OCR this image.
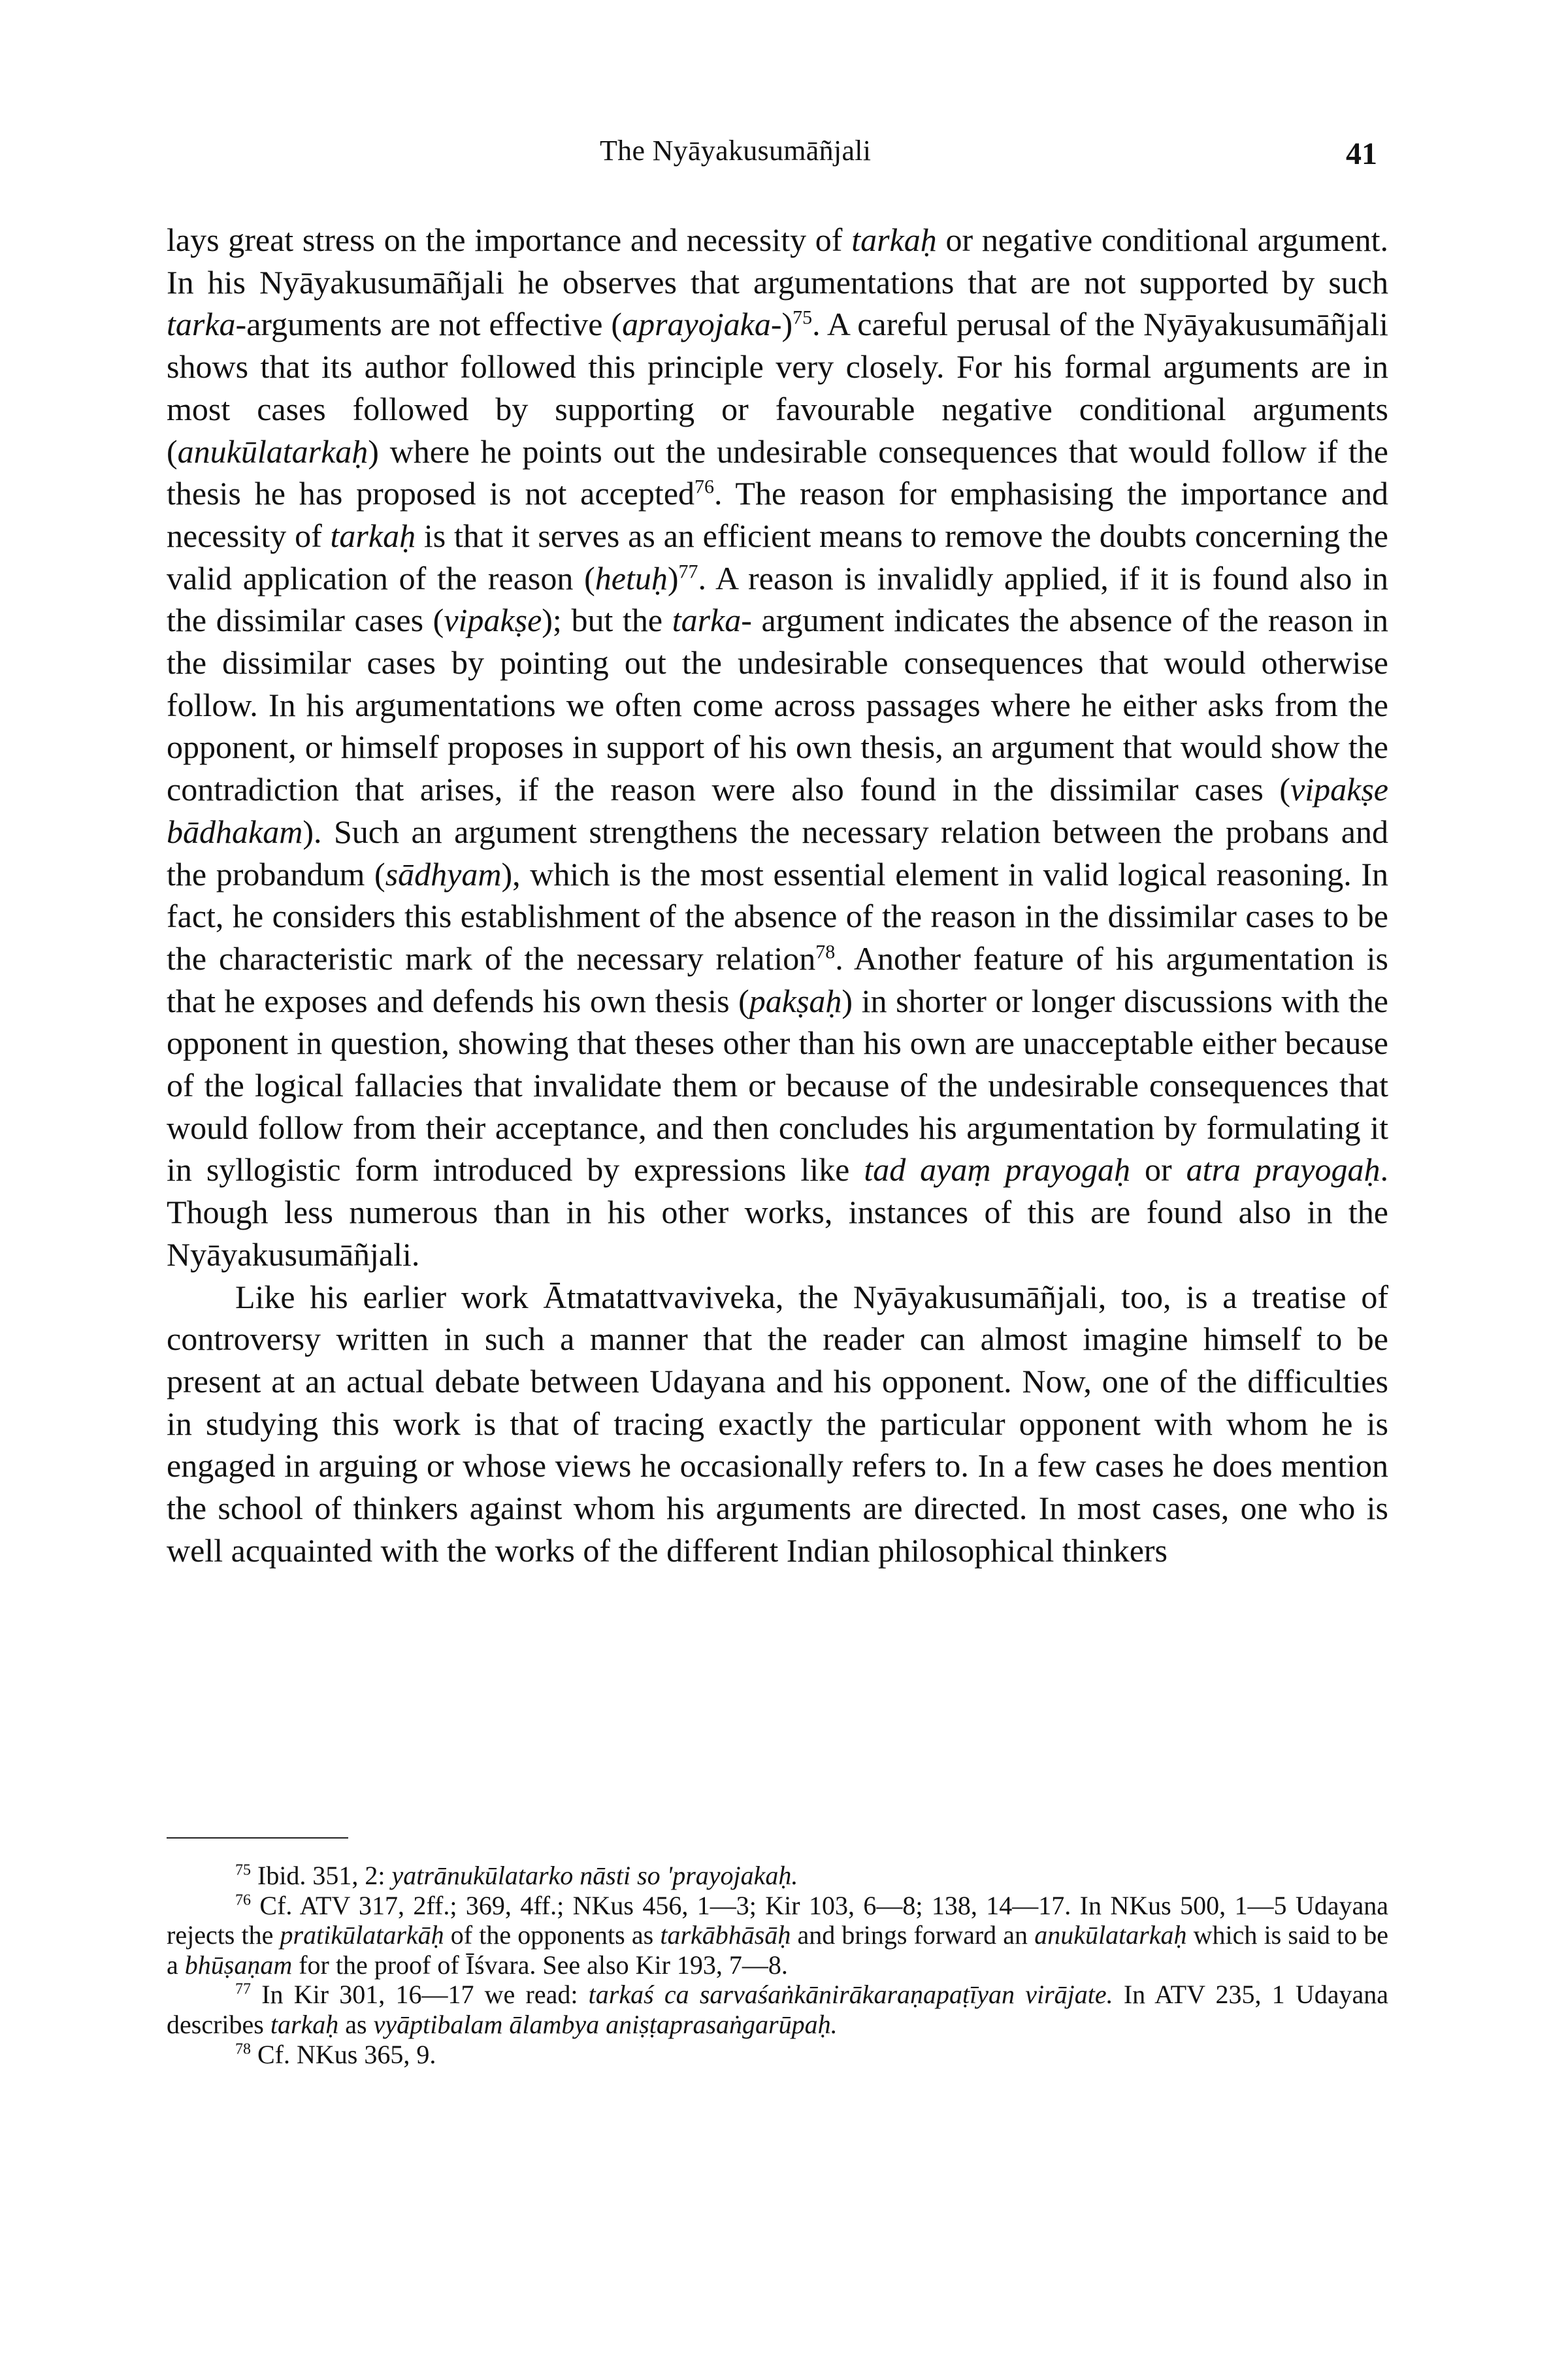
The Nyāyakusumāñjali	41

lays great stress on the importance and necessity of tarkaḥ or negative conditional argument. In his Nyāyakusumāñjali he observes that argumentations that are not supported by such tarka-arguments are not effective (aprayojaka-)$^{75}$. A careful perusal of the Nyāyakusumāñjali shows that its author followed this principle very closely. For his formal arguments are in most cases followed by supporting or favourable negative conditional arguments (anukūlatarkaḥ) where he points out the undesirable consequences that would follow if the thesis he has proposed is not accepted$^{76}$. The reason for emphasising the importance and necessity of tarkaḥ is that it serves as an efficient means to remove the doubts concerning the valid application of the reason (hetuḥ)$^{77}$. A reason is invalidly applied, if it is found also in the dissimilar cases (vipakṣe); but the tarka- argument indicates the absence of the reason in the dissimilar cases by pointing out the undesirable consequences that would otherwise follow. In his argumentations we often come across passages where he either asks from the opponent, or himself proposes in support of his own thesis, an argument that would show the contradiction that arises, if the reason were also found in the dissimilar cases (vipakṣe bādhakam). Such an argument strengthens the necessary relation between the probans and the probandum (sādhyam), which is the most essential element in valid logical reasoning. In fact, he considers this establishment of the absence of the reason in the dissimilar cases to be the characteristic mark of the necessary relation$^{78}$. Another feature of his argumentation is that he exposes and defends his own thesis (pakṣaḥ) in shorter or longer discussions with the opponent in question, showing that theses other than his own are unacceptable either because of the logical fallacies that invalidate them or because of the undesirable consequences that would follow from their acceptance, and then concludes his argumentation by formulating it in syllogistic form introduced by expressions like tad ayaṃ prayogaḥ or atra prayogaḥ. Though less numerous than in his other works, instances of this are found also in the Nyāyakusumāñjali.

Like his earlier work Ātmatattvaviveka, the Nyāyakusumāñjali, too, is a treatise of controversy written in such a manner that the reader can almost imagine himself to be present at an actual debate between Udayana and his opponent. Now, one of the difficulties in studying this work is that of tracing exactly the particular opponent with whom he is engaged in arguing or whose views he occasionally refers to. In a few cases he does mention the school of thinkers against whom his arguments are directed. In most cases, one who is well acquainted with the works of the different Indian philosophical thinkers

$^{75}$ Ibid. 351, 2: yatrānukūlatarko nāsti so 'prayojakaḥ.

$^{76}$ Cf. ATV 317, 2ff.; 369, 4ff.; NKus 456, 1—3; Kir 103, 6—8; 138, 14—17. In NKus 500, 1—5 Udayana rejects the pratikūlatarkāḥ of the opponents as tarkābhāsāḥ and brings forward an anukūlatarkaḥ which is said to be a bhūṣaṇam for the proof of Īśvara. See also Kir 193, 7—8.

$^{77}$ In Kir 301, 16—17 we read: tarkaś ca sarvaśaṅkānirākaraṇapaṭīyan virājate. In ATV 235, 1 Udayana describes tarkaḥ as vyāptibalam ālambya aniṣṭaprasaṅgarūpaḥ.

$^{78}$ Cf. NKus 365, 9.
